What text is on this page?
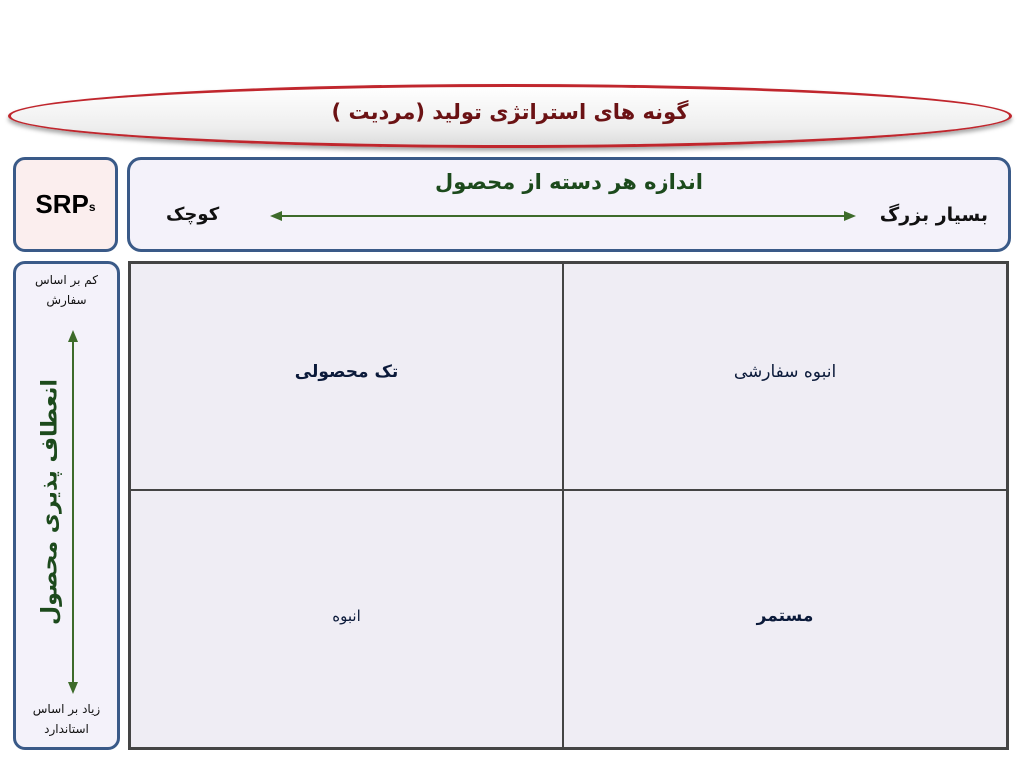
گونه های استراتژی تولید (مردیت )
$SRP_s$
اندازه هر دسته از محصول
بسیار بزرگ
کوچک
کم بر اساس
سفارش
انعطاف پذیری محصول
زیاد بر اساس
استاندارد
تک محصولی	انبوه سفارشی
انبوه	مستمر
